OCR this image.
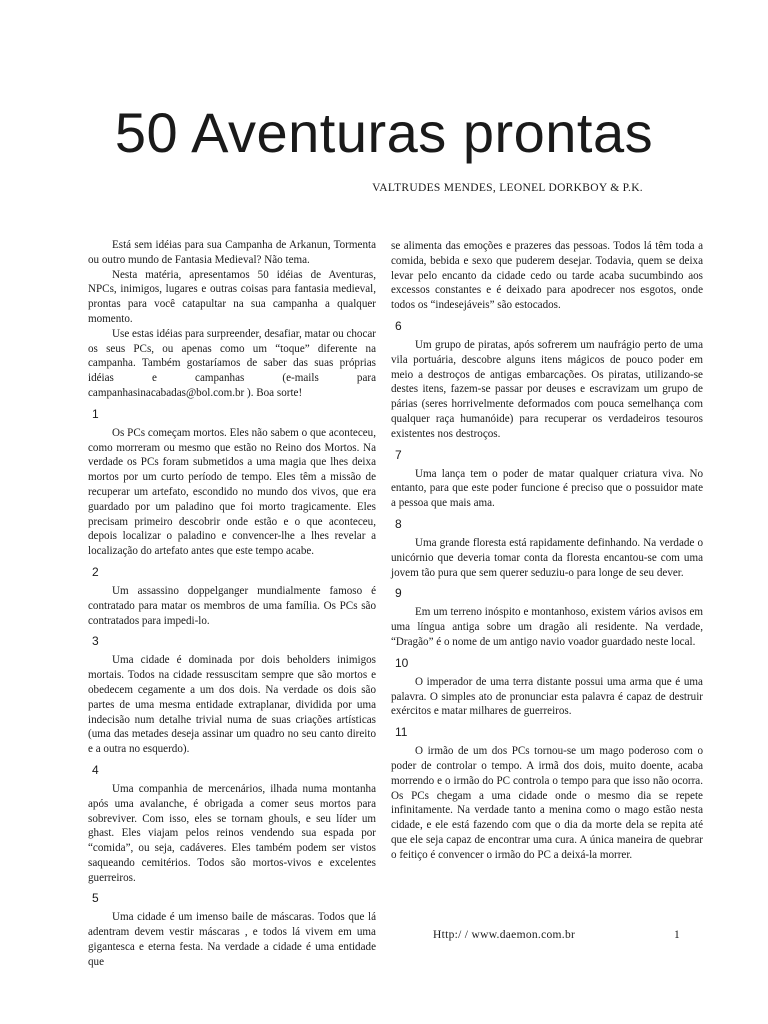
50 Aventuras prontas
VALTRUDES MENDES, LEONEL DORKBOY & P.K.

Está sem idéias para sua Campanha de Arkanun, Tormenta ou outro mundo de Fantasia Medieval? Não tema.

Nesta matéria, apresentamos 50 idéias de Aventuras, NPCs, inimigos, lugares e outras coisas para fantasia medieval, prontas para você catapultar na sua campanha a qualquer momento.

Use estas idéias para surpreender, desafiar, matar ou chocar os seus PCs, ou apenas como um “toque” diferente na campanha. Também gostaríamos de saber das suas próprias idéias e campanhas (e-mails para campanhasinacabadas@bol.com.br ). Boa sorte!

1

Os PCs começam mortos. Eles não sabem o que aconteceu, como morreram ou mesmo que estão no Reino dos Mortos. Na verdade os PCs foram submetidos a uma magia que lhes deixa mortos por um curto período de tempo. Eles têm a missão de recuperar um artefato, escondido no mundo dos vivos, que era guardado por um paladino que foi morto tragicamente. Eles precisam primeiro descobrir onde estão e o que aconteceu, depois localizar o paladino e convencer-lhe a lhes revelar a localização do artefato antes que este tempo acabe.

2

Um assassino doppelganger mundialmente famoso é contratado para matar os membros de uma família. Os PCs são contratados para impedi-lo.

3

Uma cidade é dominada por dois beholders inimigos mortais. Todos na cidade ressuscitam sempre que são mortos e obedecem cegamente a um dos dois. Na verdade os dois são partes de uma mesma entidade extraplanar, dividida por uma indecisão num detalhe trivial numa de suas criações artísticas (uma das metades deseja assinar um quadro no seu canto direito e a outra no esquerdo).

4

Uma companhia de mercenários, ilhada numa montanha após uma avalanche, é obrigada a comer seus mortos para sobreviver. Com isso, eles se tornam ghouls, e seu líder um ghast. Eles viajam pelos reinos vendendo sua espada por “comida”, ou seja, cadáveres. Eles também podem ser vistos saqueando cemitérios. Todos são mortos-vivos e excelentes guerreiros.

5

Uma cidade é um imenso baile de máscaras. Todos que lá adentram devem vestir máscaras , e todos lá vivem em uma gigantesca e eterna festa. Na verdade a cidade é uma entidade que

se alimenta das emoções e prazeres das pessoas. Todos lá têm toda a comida, bebida e sexo que puderem desejar. Todavia, quem se deixa levar pelo encanto da cidade cedo ou tarde acaba sucumbindo aos excessos constantes e é deixado para apodrecer nos esgotos, onde todos os “indesejáveis” são estocados.

6

Um grupo de piratas, após sofrerem um naufrágio perto de uma vila portuária, descobre alguns itens mágicos de pouco poder em meio a destroços de antigas embarcações. Os piratas, utilizando-se destes itens, fazem-se passar por deuses e escravizam um grupo de párias (seres horrivelmente deformados com pouca semelhança com qualquer raça humanóide) para recuperar os verdadeiros tesouros existentes nos destroços.

7

Uma lança tem o poder de matar qualquer criatura viva. No entanto, para que este poder funcione é preciso que o possuidor mate a pessoa que mais ama.

8

Uma grande floresta está rapidamente definhando. Na verdade o unicórnio que deveria tomar conta da floresta encantou-se com uma jovem tão pura que sem querer seduziu-o para longe de seu dever.

9

Em um terreno inóspito e montanhoso, existem vários avisos em uma língua antiga sobre um dragão ali residente. Na verdade, “Dragão” é o nome de um antigo navio voador guardado neste local.

10

O imperador de uma terra distante possui uma arma que é uma palavra. O simples ato de pronunciar esta palavra é capaz de destruir exércitos e matar milhares de guerreiros.

11

O irmão de um dos PCs tornou-se um mago poderoso com o poder de controlar o tempo. A irmã dos dois, muito doente, acaba morrendo e o irmão do PC controla o tempo para que isso não ocorra. Os PCs chegam a uma cidade onde o mesmo dia se repete infinitamente. Na verdade tanto a menina como o mago estão nesta cidade, e ele está fazendo com que o dia da morte dela se repita até que ele seja capaz de encontrar uma cura. A única maneira de quebrar o feitiço é convencer o irmão do PC a deixá-la morrer.

Http:/ / www.daemon.com.br	1
